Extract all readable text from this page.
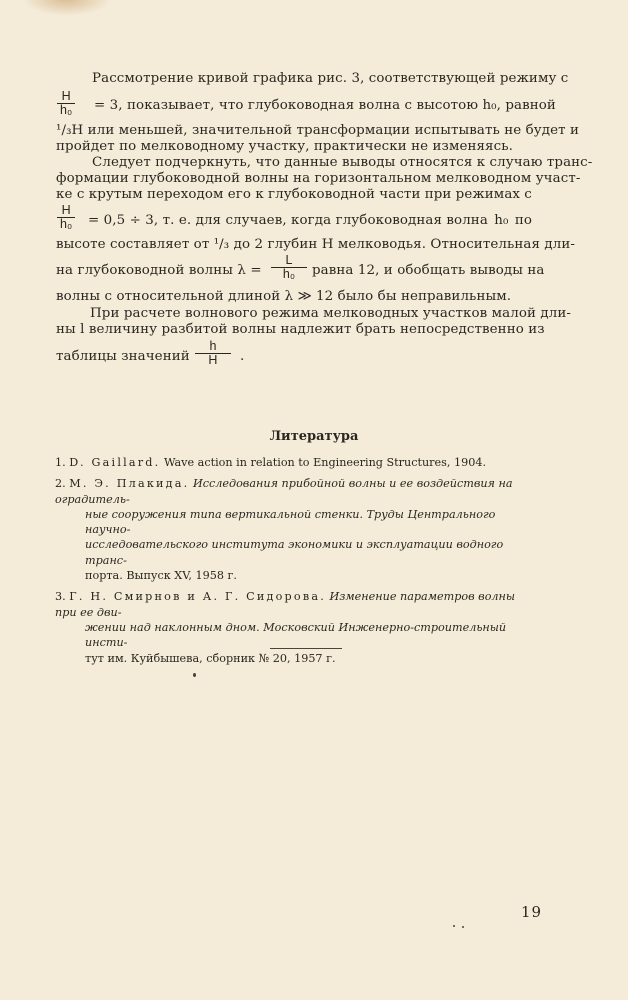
Рассмотрение кривой графика рис. 3, соответствующей режиму с
H
h₀ = 3, показывает, что глубоководная волна с высотою h₀, равной
¹/₃H или меньшей, значительной трансформации испытывать не будет и
пройдет по мелководному участку, практически не изменяясь.
Следует подчеркнуть, что данные выводы относятся к случаю транс-
формации глубоководной волны на горизонтальном мелководном участ-
ке с крутым переходом его к глубоководной части при режимах с
H
h₀ = 0,5 ÷ 3, т. е. для случаев, когда глубоководная волна h₀ по
высоте составляет от ¹/₃ до 2 глубин H мелководья. Относительная дли-
на глубоководной волны λ =
L
h₀ равна 12, и обобщать выводы на
волны с относительной длиной λ ≫ 12 было бы неправильным.
При расчете волнового режима мелководных участков малой дли-
ны l величину разбитой волны надлежит брать непосредственно из
таблицы значений
h
H .
Литература
1. D. Gaillard. Wave action in relation to Engineering Structures, 1904.
2. М. Э. Плакида. Исследования прибойной волны и ее воздействия на оградитель-
ные сооружения типа вертикальной стенки. Труды Центрального научно-
исследовательского института экономики и эксплуатации водного транс-
порта. Выпуск XV, 1958 г.
3. Г. Н. Смирнов и А. Г. Сидорова. Изменение параметров волны при ее дви-
жении над наклонным дном. Московский Инженерно-строительный инсти-
тут им. Куйбышева, сборник № 20, 1957 г.
19
